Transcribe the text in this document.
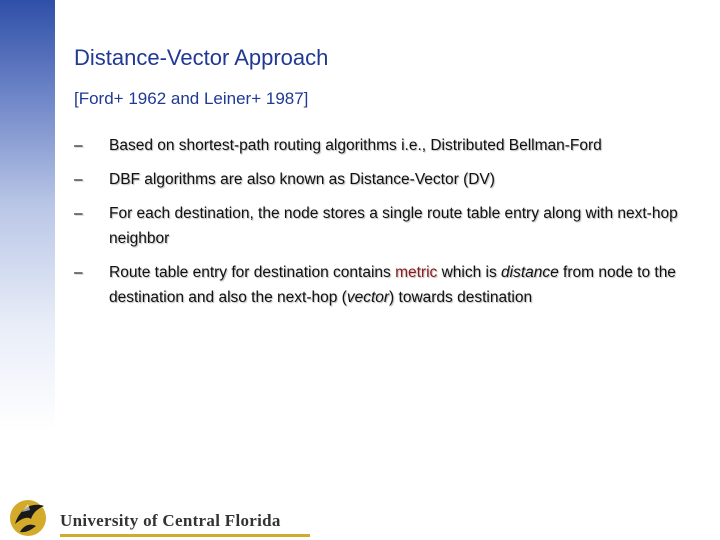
Distance-Vector Approach
[Ford+ 1962 and Leiner+ 1987]
–	Based on shortest-path routing algorithms i.e., Distributed Bellman-Ford
–	DBF algorithms are also known as Distance-Vector (DV)
–	For each destination, the node stores a single route table entry along with next-hop neighbor
–	Route table entry for destination contains metric which is distance from node to the destination and also the next-hop (vector) towards destination
University of Central Florida
